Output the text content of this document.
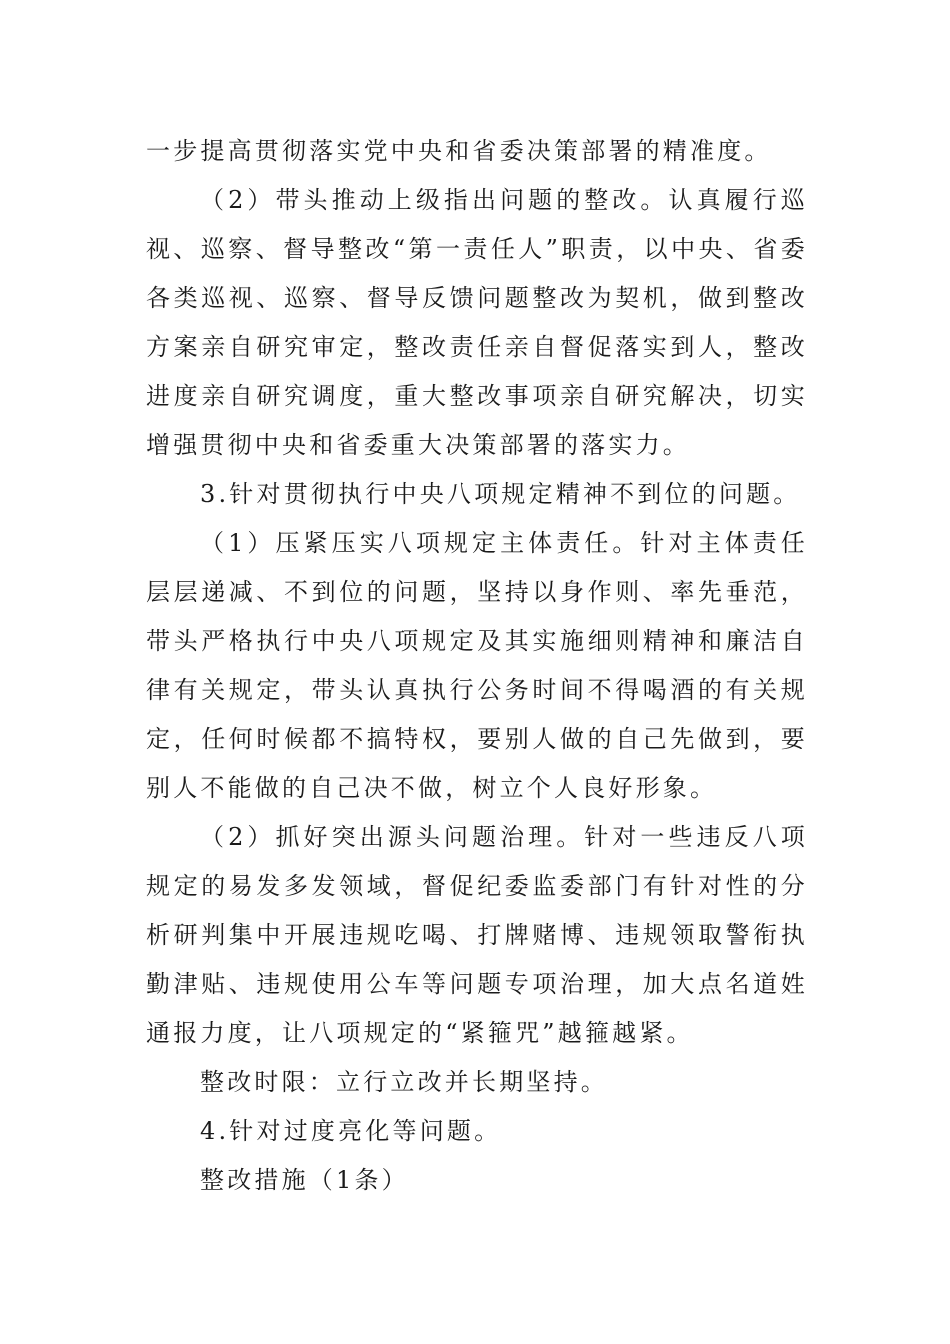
一步提高贯彻落实党中央和省委决策部署的精准度。

（2）带头推动上级指出问题的整改。认真履行巡视、巡察、督导整改“第一责任人”职责，以中央、省委各类巡视、巡察、督导反馈问题整改为契机，做到整改方案亲自研究审定，整改责任亲自督促落实到人，整改进度亲自研究调度，重大整改事项亲自研究解决，切实增强贯彻中央和省委重大决策部署的落实力。

3.针对贯彻执行中央八项规定精神不到位的问题。

（1）压紧压实八项规定主体责任。针对主体责任层层递减、不到位的问题，坚持以身作则、率先垂范，带头严格执行中央八项规定及其实施细则精神和廉洁自律有关规定，带头认真执行公务时间不得喝酒的有关规定，任何时候都不搞特权，要别人做的自己先做到，要别人不能做的自己决不做，树立个人良好形象。

（2）抓好突出源头问题治理。针对一些违反八项规定的易发多发领域，督促纪委监委部门有针对性的分析研判集中开展违规吃喝、打牌赌博、违规领取警衔执勤津贴、违规使用公车等问题专项治理，加大点名道姓通报力度，让八项规定的“紧箍咒”越箍越紧。

整改时限：立行立改并长期坚持。

4.针对过度亮化等问题。

整改措施（1条）
